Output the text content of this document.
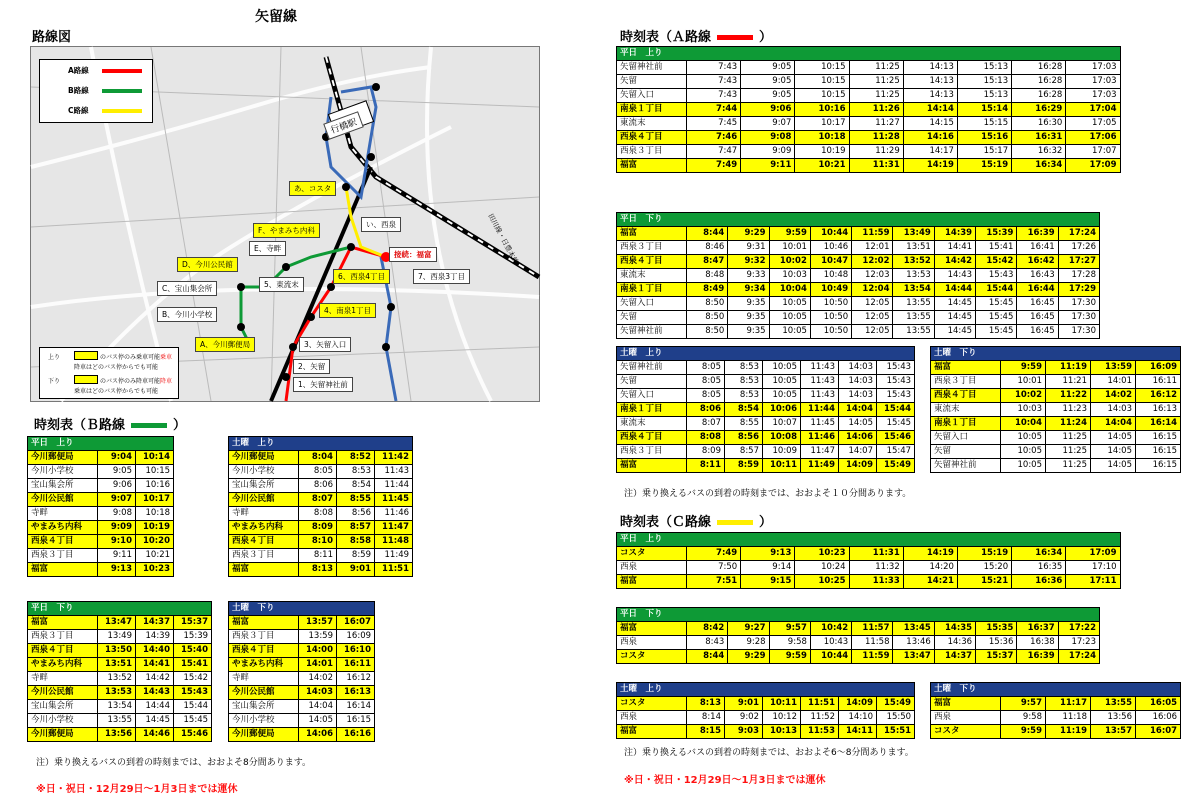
矢留線
路線図
A路線
B路線
C路線
行橋駅
田川線・日豊本線
あ、コスタ
い、西泉
接続：福富
F、やまみち内科
E、寺畔
D、今川公民館
C、宝山集会所
B、今川小学校
A、今川郵便局
5、東流末
6、西泉4丁目	7、西泉3丁目
4、南泉1丁目
3、矢留入口
2、矢留
1、矢留神社前
上り	のバス停のみ乗車可能乗車
降車はどのバス停からでも可能
下り	のバス停のみ降車可能降車
乗車はどのバス停からでも可能
時刻表（Ｂ路線	）
時刻表（Ａ路線	）
時刻表（Ｃ路線	）
平日　上り								
矢留神社前	7:43	9:05	10:15	11:25	14:13	15:13	16:28	17:03
矢留	7:43	9:05	10:15	11:25	14:13	15:13	16:28	17:03
矢留入口	7:43	9:05	10:15	11:25	14:13	15:13	16:28	17:03
南泉１丁目	7:44	9:06	10:16	11:26	14:14	15:14	16:29	17:04
東流末	7:45	9:07	10:17	11:27	14:15	15:15	16:30	17:05
西泉４丁目	7:46	9:08	10:18	11:28	14:16	15:16	16:31	17:06
西泉３丁目	7:47	9:09	10:19	11:29	14:17	15:17	16:32	17:07
福富	7:49	9:11	10:21	11:31	14:19	15:19	16:34	17:09
平日　下り										
福富	8:44	9:29	9:59	10:44	11:59	13:49	14:39	15:39	16:39	17:24
西泉３丁目	8:46	9:31	10:01	10:46	12:01	13:51	14:41	15:41	16:41	17:26
西泉４丁目	8:47	9:32	10:02	10:47	12:02	13:52	14:42	15:42	16:42	17:27
東流末	8:48	9:33	10:03	10:48	12:03	13:53	14:43	15:43	16:43	17:28
南泉１丁目	8:49	9:34	10:04	10:49	12:04	13:54	14:44	15:44	16:44	17:29
矢留入口	8:50	9:35	10:05	10:50	12:05	13:55	14:45	15:45	16:45	17:30
矢留	8:50	9:35	10:05	10:50	12:05	13:55	14:45	15:45	16:45	17:30
矢留神社前	8:50	9:35	10:05	10:50	12:05	13:55	14:45	15:45	16:45	17:30
土曜　上り						
矢留神社前	8:05	8:53	10:05	11:43	14:03	15:43
矢留	8:05	8:53	10:05	11:43	14:03	15:43
矢留入口	8:05	8:53	10:05	11:43	14:03	15:43
南泉１丁目	8:06	8:54	10:06	11:44	14:04	15:44
東流末	8:07	8:55	10:07	11:45	14:05	15:45
西泉４丁目	8:08	8:56	10:08	11:46	14:06	15:46
西泉３丁目	8:09	8:57	10:09	11:47	14:07	15:47
福富	8:11	8:59	10:11	11:49	14:09	15:49
土曜　下り				
福富	9:59	11:19	13:59	16:09
西泉３丁目	10:01	11:21	14:01	16:11
西泉４丁目	10:02	11:22	14:02	16:12
東流末	10:03	11:23	14:03	16:13
南泉１丁目	10:04	11:24	14:04	16:14
矢留入口	10:05	11:25	14:05	16:15
矢留	10:05	11:25	14:05	16:15
矢留神社前	10:05	11:25	14:05	16:15
平日　上り		
今川郵便局	9:04	10:14
今川小学校	9:05	10:15
宝山集会所	9:06	10:16
今川公民館	9:07	10:17
寺畔	9:08	10:18
やまみち内科	9:09	10:19
西泉４丁目	9:10	10:20
西泉３丁目	9:11	10:21
福富	9:13	10:23
土曜　上り			
今川郵便局	8:04	8:52	11:42
今川小学校	8:05	8:53	11:43
宝山集会所	8:06	8:54	11:44
今川公民館	8:07	8:55	11:45
寺畔	8:08	8:56	11:46
やまみち内科	8:09	8:57	11:47
西泉４丁目	8:10	8:58	11:48
西泉３丁目	8:11	8:59	11:49
福富	8:13	9:01	11:51
平日　下り			
福富	13:47	14:37	15:37
西泉３丁目	13:49	14:39	15:39
西泉４丁目	13:50	14:40	15:40
やまみち内科	13:51	14:41	15:41
寺畔	13:52	14:42	15:42
今川公民館	13:53	14:43	15:43
宝山集会所	13:54	14:44	15:44
今川小学校	13:55	14:45	15:45
今川郵便局	13:56	14:46	15:46
土曜　下り		
福富	13:57	16:07
西泉３丁目	13:59	16:09
西泉４丁目	14:00	16:10
やまみち内科	14:01	16:11
寺畔	14:02	16:12
今川公民館	14:03	16:13
宝山集会所	14:04	16:14
今川小学校	14:05	16:15
今川郵便局	14:06	16:16
平日　上り								
コスタ	7:49	9:13	10:23	11:31	14:19	15:19	16:34	17:09
西泉	7:50	9:14	10:24	11:32	14:20	15:20	16:35	17:10
福富	7:51	9:15	10:25	11:33	14:21	15:21	16:36	17:11
平日　下り										
福富	8:42	9:27	9:57	10:42	11:57	13:45	14:35	15:35	16:37	17:22
西泉	8:43	9:28	9:58	10:43	11:58	13:46	14:36	15:36	16:38	17:23
コスタ	8:44	9:29	9:59	10:44	11:59	13:47	14:37	15:37	16:39	17:24
土曜　上り						
コスタ	8:13	9:01	10:11	11:51	14:09	15:49
西泉	8:14	9:02	10:12	11:52	14:10	15:50
福富	8:15	9:03	10:13	11:53	14:11	15:51
土曜　下り				
福富	9:57	11:17	13:55	16:05
西泉	9:58	11:18	13:56	16:06
コスタ	9:59	11:19	13:57	16:07
注）乗り換えるバスの到着の時刻までは、おおよそ１０分間あります。
注）乗り換えるバスの到着の時刻までは、おおよそ8分間あります。
※日・祝日・12月29日〜1月3日までは運休
注）乗り換えるバスの到着の時刻までは、おおよそ6〜8分間あります。
※日・祝日・12月29日〜1月3日までは運休
